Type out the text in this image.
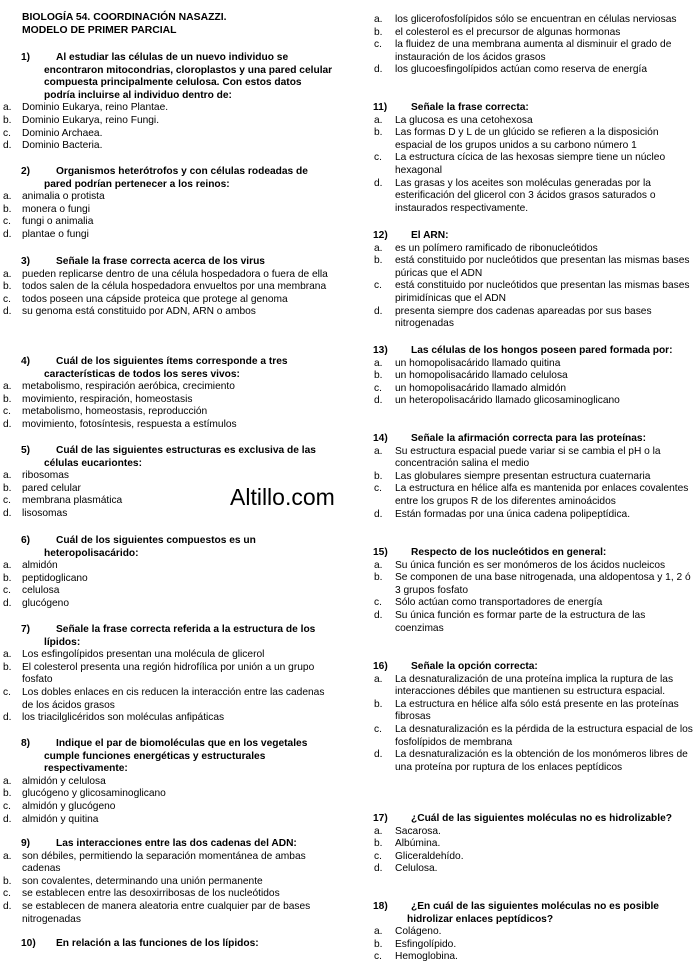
BIOLOGÍA 54. COORDINACIÓN NASAZZI.
MODELO DE PRIMER PARCIAL
1)	Al estudiar las células de un nuevo individuo se encontraron mitocondrias, cloroplastos y una pared celular compuesta principalmente celulosa. Con estos datos podría incluirse al individuo dentro de:
a.	Dominio Eukarya, reino Plantae.
b.	Dominio Eukarya, reino Fungi.
c.	Dominio Archaea.
d.	Dominio Bacteria.
2)	Organismos heterótrofos y con células rodeadas de pared podrían pertenecer a los reinos:
a.	animalia o protista
b.	monera o fungi
c.	fungi o animalia
d.	plantae o fungi
3)	Señale la frase correcta acerca de los virus
a.	pueden replicarse dentro de una célula hospedadora o fuera de ella
b.	todos salen de la célula hospedadora envueltos por una membrana
c.	todos poseen una cápside proteica que protege al genoma
d.	su genoma está constituido por ADN, ARN o ambos
4)	Cuál de los siguientes ítems corresponde a tres características de todos los seres vivos:
a.	metabolismo, respiración aeróbica, crecimiento
b.	movimiento, respiración, homeostasis
c.	metabolismo, homeostasis, reproducción
d.	movimiento, fotosíntesis, respuesta a estímulos
5)	Cuál de las siguientes estructuras es exclusiva de las células eucariontes:
a.	ribosomas
b.	pared celular
c.	membrana plasmática
d.	lisosomas
6)	Cuál de los siguientes compuestos es un heteropolisacárido:
a.	almidón
b.	peptidoglicano
c.	celulosa
d.	glucógeno
7)	Señale la frase correcta referida a la estructura de los lípidos:
a.	Los esfingolípidos presentan una molécula de glicerol
b.	El colesterol presenta una región hidrofílica por unión a un grupo fosfato
c.	Los dobles enlaces en cis reducen la interacción entre las cadenas de los ácidos grasos
d.	los triacilglicéridos son moléculas anfipáticas
8)	Indique el par de biomoléculas que en los vegetales cumple funciones energéticas y estructurales respectivamente:
a.	almidón y celulosa
b.	glucógeno y glicosaminoglicano
c.	almidón y glucógeno
d.	almidón y quitina
9)	Las interacciones entre las dos cadenas del ADN:
a.	son débiles, permitiendo la separación momentánea de ambas cadenas
b.	son covalentes, determinando una unión permanente
c.	se establecen entre las desoxirribosas de los nucleótidos
d.	se establecen de manera aleatoria entre cualquier par de bases nitrogenadas
10)	En relación a las funciones de los lípidos:
a.	los glicerofosfolípidos sólo se encuentran en células nerviosas
b.	el colesterol es el precursor de algunas hormonas
c.	la fluidez de una membrana aumenta al disminuir el grado de instauración de los ácidos grasos
d.	los glucoesfingolípidos actúan como reserva de energía
11)	Señale la frase correcta:
a.	La glucosa es una cetohexosa
b.	Las formas D y L de un glúcido se refieren a la disposición espacial de los grupos unidos a su carbono número 1
c.	La estructura cícica de las hexosas siempre tiene un núcleo hexagonal
d.	Las grasas y los aceites son moléculas generadas por la esterificación del glicerol con 3 ácidos grasos saturados o instaurados respectivamente.
12)	El ARN:
a.	es un polímero ramificado de ribonucleótidos
b.	está constituido por nucleótidos que presentan las mismas bases púricas que el ADN
c.	está constituido por nucleótidos que presentan las mismas bases pirimidínicas que el ADN
d.	presenta siempre dos cadenas apareadas por sus bases nitrogenadas
13)	Las células de los hongos poseen pared formada por:
a.	un homopolisacárido llamado quitina
b.	un homopolisacárido llamado celulosa
c.	un homopolisacárido llamado almidón
d.	un heteropolisacárido llamado glicosaminoglicano
14)	Señale la afirmación correcta para las proteínas:
a.	Su estructura espacial puede variar si se cambia el pH o la concentración salina el medio
b.	Las globulares siempre presentan estructura cuaternaria
c.	La estructura en hélice alfa es mantenida por enlaces covalentes entre los grupos R de los diferentes aminoácidos
d.	Están formadas por una única cadena polipeptídica.
15)	Respecto de los nucleótidos en general:
a.	Su única función es ser monómeros de los ácidos nucleicos
b.	Se componen de una base nitrogenada, una aldopentosa y 1, 2 ó 3 grupos fosfato
c.	Sólo actúan como transportadores de energía
d.	Su única función es formar parte de la estructura de las coenzimas
16)	Señale la opción correcta:
a.	La desnaturalización de una proteína implica la ruptura de las interacciones débiles que mantienen su estructura espacial.
b.	La estructura en hélice alfa sólo está presente en las proteínas fibrosas
c.	La desnaturalización es la pérdida de la estructura espacial de los fosfolípidos de membrana
d.	La desnaturalización es la obtención de los monómeros libres de una proteína por ruptura de los enlaces peptídicos
17)	¿Cuál de las siguientes moléculas no es hidrolizable?
a.	Sacarosa.
b.	Albúmina.
c.	Gliceraldehído.
d.	Celulosa.
18)	¿En cuál de las siguientes moléculas no es posible hidrolizar enlaces peptídicos?
a.	Colágeno.
b.	Esfingolípido.
c.	Hemoglobina.
Altillo.com
